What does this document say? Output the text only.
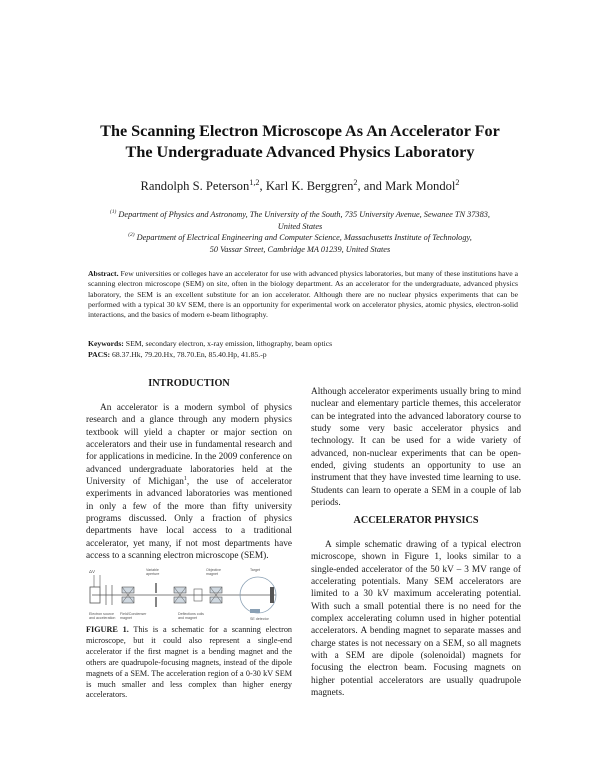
The Scanning Electron Microscope As An Accelerator For
The Undergraduate Advanced Physics Laboratory
Randolph S. Peterson$^{1,2}$, Karl K. Berggren$^2$, and Mark Mondol$^2$
$^{(1)}$ Department of Physics and Astronomy, The University of the South, 735 University Avenue, Sewanee TN 37383,
United States
$^{(2)}$ Department of Electrical Engineering and Computer Science, Massachusetts Institute of Technology,
50 Vassar Street, Cambridge MA 01239, United States
Abstract. Few universities or colleges have an accelerator for use with advanced physics laboratories, but many of these institutions have a scanning electron microscope (SEM) on site, often in the biology department. As an accelerator for the undergraduate, advanced physics laboratory, the SEM is an excellent substitute for an ion accelerator. Although there are no nuclear physics experiments that can be performed with a typical 30 kV SEM, there is an opportunity for experimental work on accelerator physics, atomic physics, electron-solid interactions, and the basics of modern e-beam lithography.
Keywords: SEM, secondary electron, x-ray emission, lithography, beam optics
PACS: 68.37.Hk, 79.20.Hx, 78.70.En, 85.40.Hp, 41.85.-p
INTRODUCTION

An accelerator is a modern symbol of physics research and a glance through any modern physics textbook will yield a chapter or major section on accelerators and their use in fundamental research and for applications in medicine. In the 2009 conference on advanced undergraduate laboratories held at the University of Michigan$^1$, the use of accelerator experiments in advanced laboratories was mentioned in only a few of the more than fifty university programs discussed. Only a fraction of physics departments have local access to a traditional accelerator, yet many, if not most departments have access to a scanning electron microscope (SEM).

ΔV
Electron source
and acceleration
Variable
aperture
Objective
magnet
Target
Field/Condenser
magnet
Deflections coils
and magnet	SE detector
FIGURE 1. This is a schematic for a scanning electron microscope, but it could also represent a single-end accelerator if the first magnet is a bending magnet and the others are quadrupole-focusing magnets, instead of the dipole magnets of a SEM. The acceleration region of a 0-30 kV SEM is much smaller and less complex than higher energy accelerators.

Although accelerator experiments usually bring to mind nuclear and elementary particle themes, this accelerator can be integrated into the advanced laboratory course to study some very basic accelerator physics and technology. It can be used for a wide variety of advanced, non-nuclear experiments that can be open-ended, giving students an opportunity to use an instrument that they have invested time learning to use. Students can learn to operate a SEM in a couple of lab periods.

ACCELERATOR PHYSICS

A simple schematic drawing of a typical electron microscope, shown in Figure 1, looks similar to a single-ended accelerator of the 50 kV – 3 MV range of accelerating potentials. Many SEM accelerators are limited to a 30 kV maximum accelerating potential. With such a small potential there is no need for the complex accelerating column used in higher potential accelerators. A bending magnet to separate masses and charge states is not necessary on a SEM, so all magnets with a SEM are dipole (solenoidal) magnets for focusing the electron beam. Focusing magnets on higher potential accelerators are usually quadrupole magnets.
